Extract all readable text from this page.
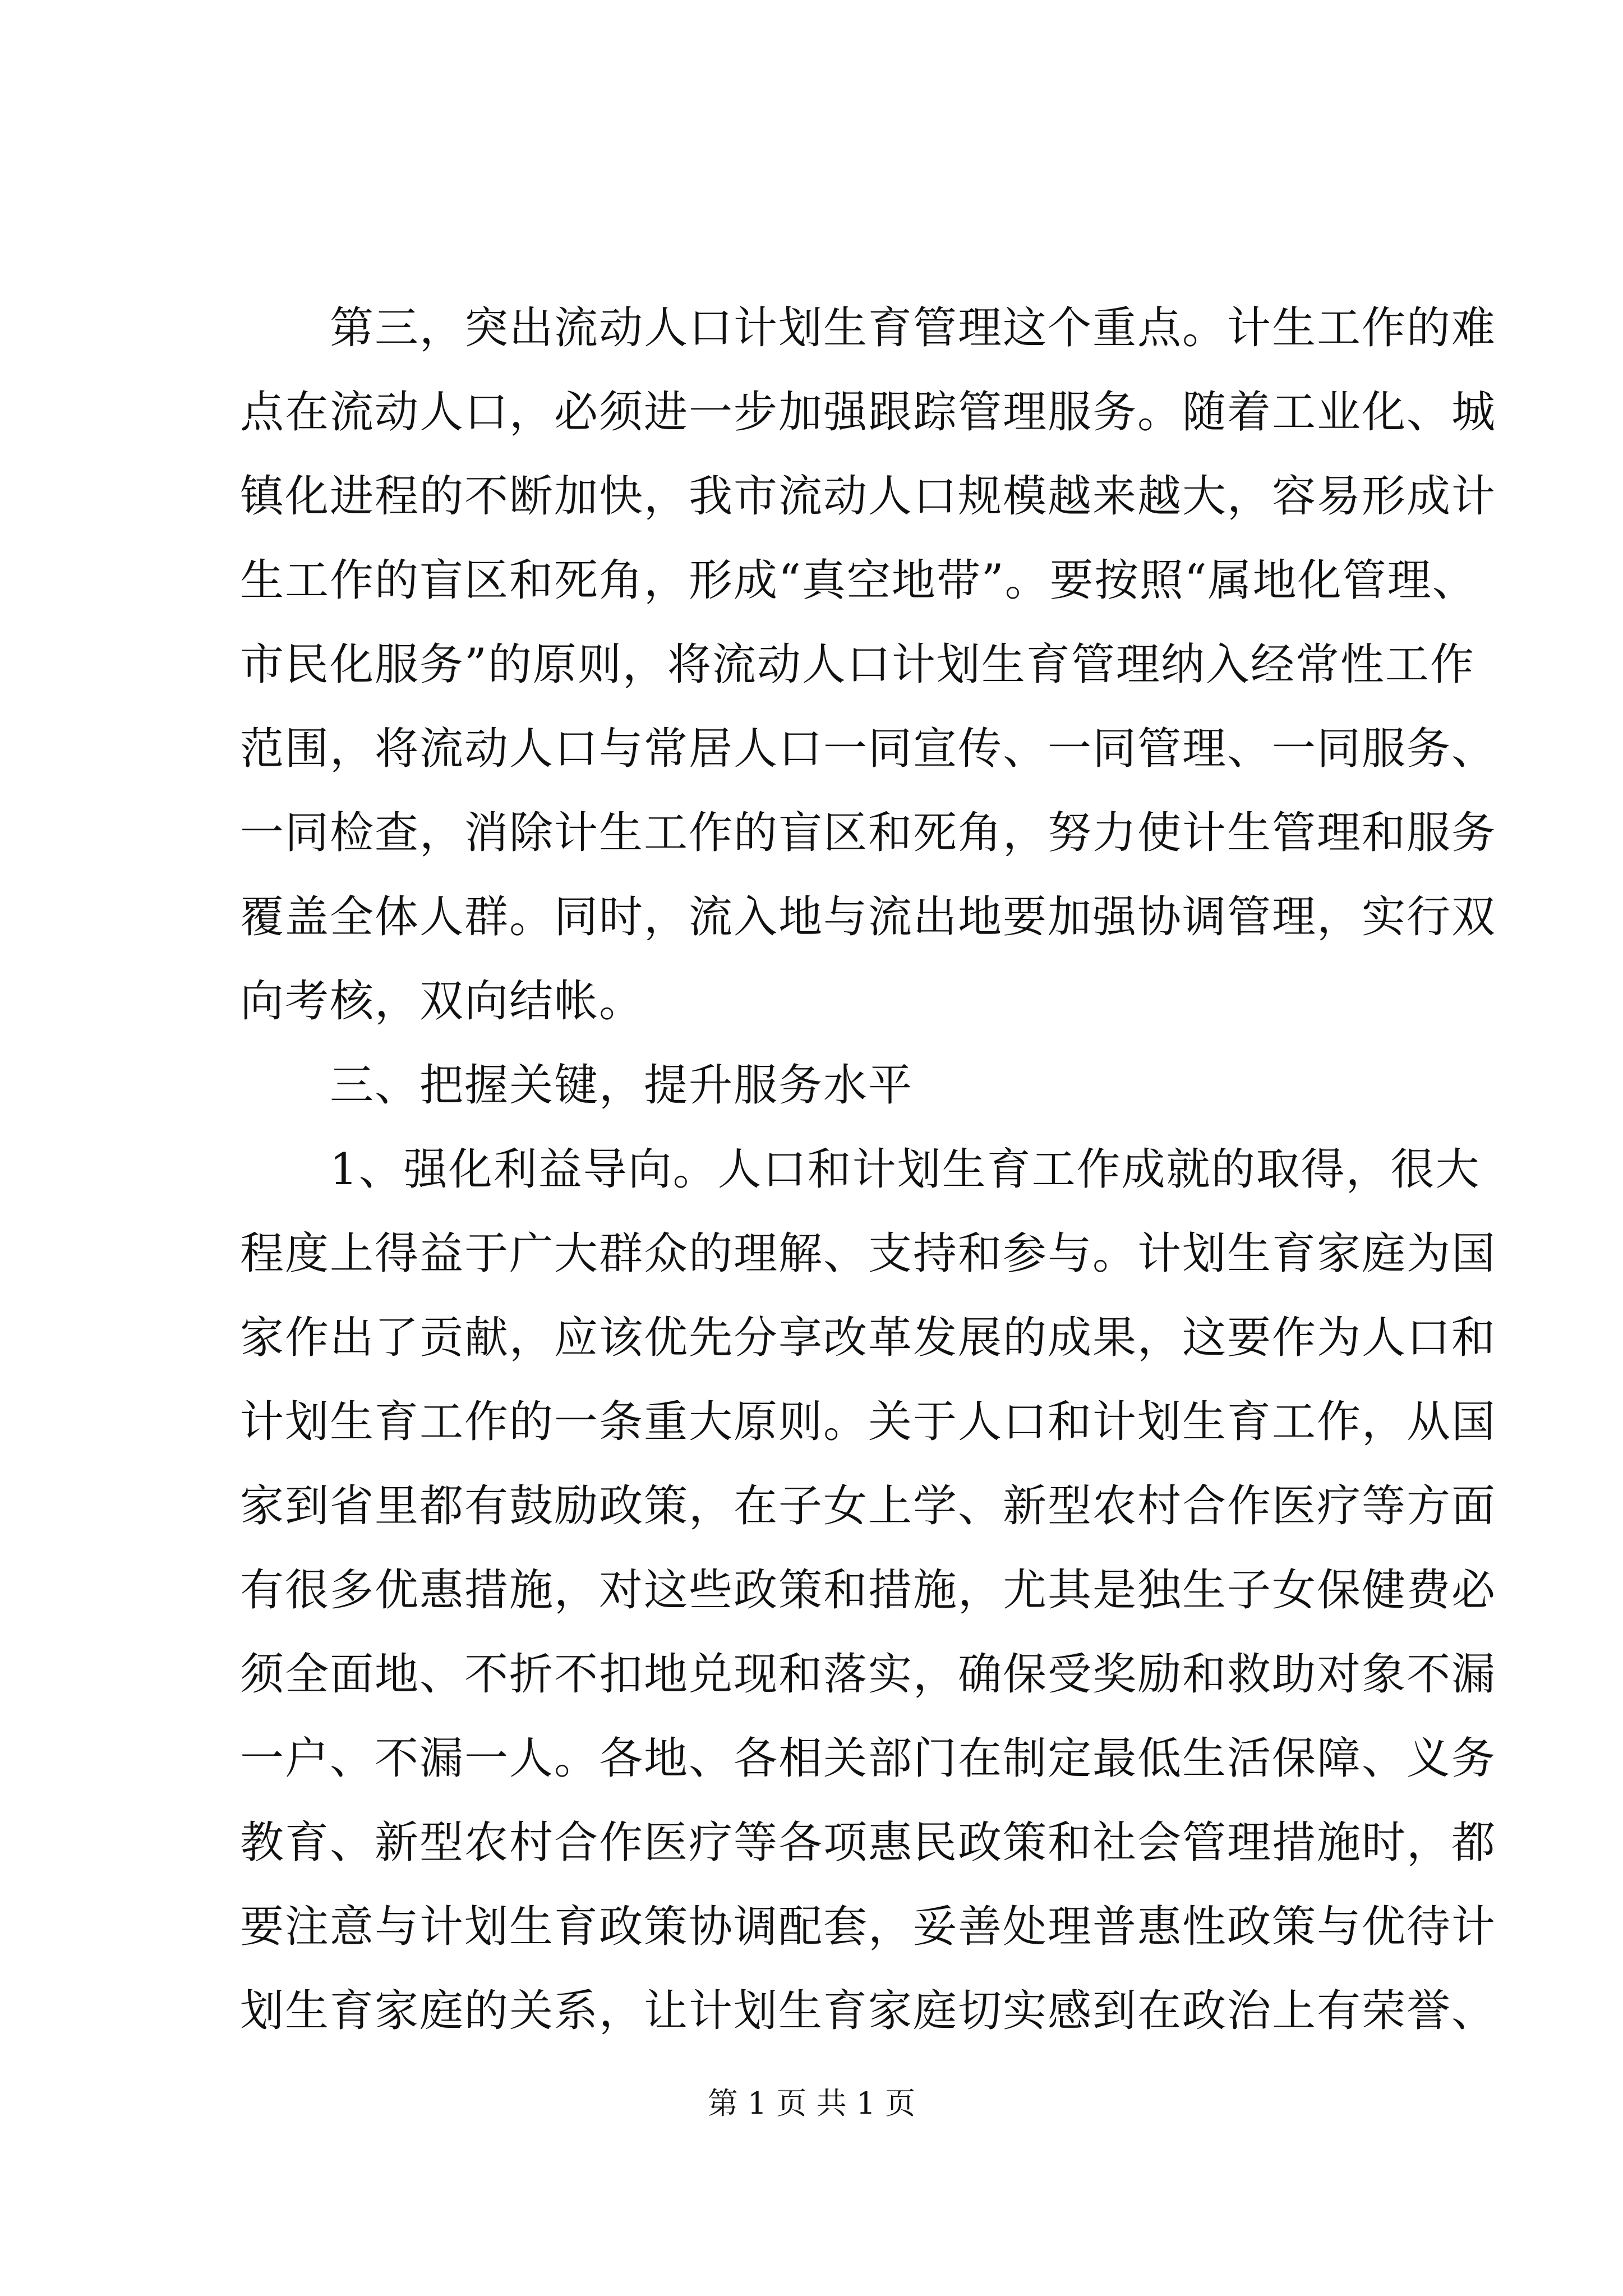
　　第三，突出流动人口计划生育管理这个重点。计生工作的难
点在流动人口，必须进一步加强跟踪管理服务。随着工业化、城
镇化进程的不断加快，我市流动人口规模越来越大，容易形成计
生工作的盲区和死角，形成“真空地带”。要按照“属地化管理、
市民化服务”的原则，将流动人口计划生育管理纳入经常性工作
范围，将流动人口与常居人口一同宣传、一同管理、一同服务、
一同检查，消除计生工作的盲区和死角，努力使计生管理和服务
覆盖全体人群。同时，流入地与流出地要加强协调管理，实行双
向考核，双向结帐。
　　三、把握关键，提升服务水平
　　1、强化利益导向。人口和计划生育工作成就的取得，很大
程度上得益于广大群众的理解、支持和参与。计划生育家庭为国
家作出了贡献，应该优先分享改革发展的成果，这要作为人口和
计划生育工作的一条重大原则。关于人口和计划生育工作，从国
家到省里都有鼓励政策，在子女上学、新型农村合作医疗等方面
有很多优惠措施，对这些政策和措施，尤其是独生子女保健费必
须全面地、不折不扣地兑现和落实，确保受奖励和救助对象不漏
一户、不漏一人。各地、各相关部门在制定最低生活保障、义务
教育、新型农村合作医疗等各项惠民政策和社会管理措施时，都
要注意与计划生育政策协调配套，妥善处理普惠性政策与优待计
划生育家庭的关系，让计划生育家庭切实感到在政治上有荣誉、
第 1 页 共 1 页
